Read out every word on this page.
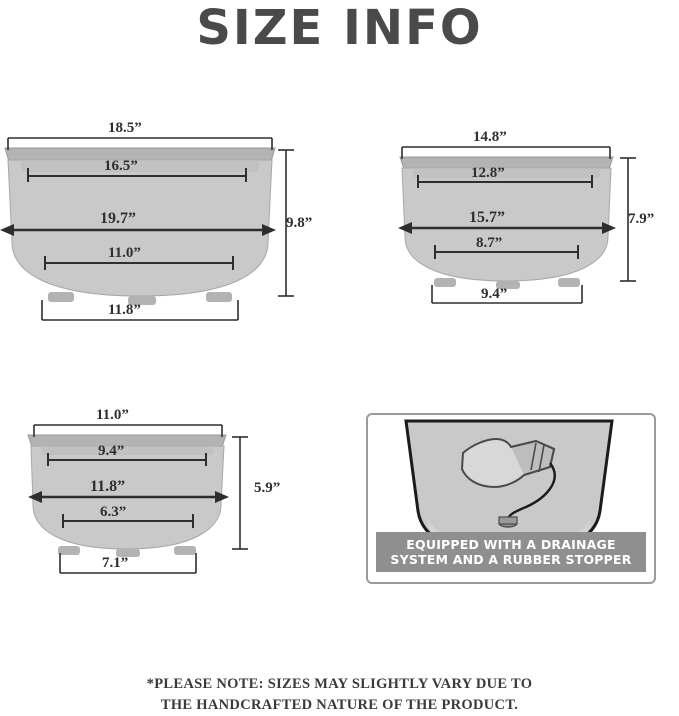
SIZE INFO
18.5”
16.5”
19.7”
11.0”
11.8”
9.8”
14.8”
12.8”
15.7”
8.7”
9.4”
7.9”
11.0”
9.4”
11.8”
6.3”
7.1”
5.9”
EQUIPPED WITH A DRAINAGE
SYSTEM AND A RUBBER STOPPER
*PLEASE NOTE: SIZES MAY SLIGHTLY VARY DUE TO
THE HANDCRAFTED NATURE OF THE PRODUCT.
